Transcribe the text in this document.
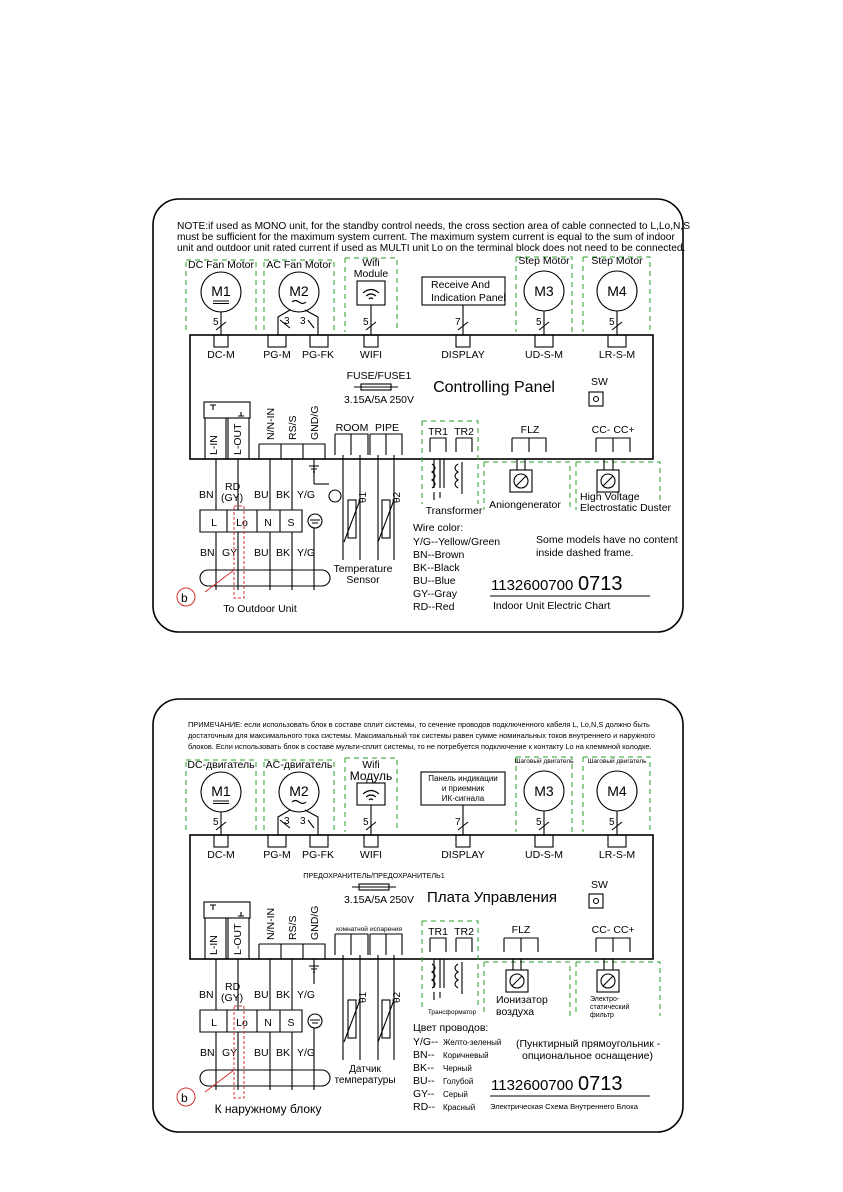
NOTE:if used as MONO unit, for the standby control needs, the cross section area of cable connected to L,Lo,N,S
must be sufficient for the maximum system current. The maximum system current is equal to the sum of indoor
unit and outdoor unit rated current if used as MULTI unit Lo on the terminal block does not need to be connected.
DC Fan Motor AC Fan Motor	Wifi
Module
Step Motor Step Motor
M1	M2	Receive And
Indication Panel M3	M4
5	3 3	5	7	5	5
DC-M	PG-M PG-FK WIFI	DISPLAY	UD-S-M	LR-S-M
FUSE/FUSE1
3.15A/5A 250V
Controlling Panel	SW
L-IN L-OUT N/N-IN RS/S GND/G ROOM PIPE	TR1 TR2	FLZ	CC- CC+
Transformer Aniongenerator
High Voltage
Electrostatic Duster
BN
RD
(GY) BU BK Y/G
L Lo N S
BN GY BU BK Y/G
b
To Outdoor Unit
θ1 θ2
Temperature
Sensor
Wire color:
Y/G--Yellow/Green
BN--Brown
BK--Black
BU--Blue
GY--Gray
RD--Red
Some models have no content
inside dashed frame.
1132600700 0713
Indoor Unit Electric Chart
ПРИМЕЧАНИЕ: если использовать блок в составе сплит системы, то сечение проводов подключенного кабеля L, Lo,N,S должно быть
достаточным для максимального тока системы. Максимальный ток системы равен сумме номинальных токов внутреннего и наружного
блоков. Если использовать блок в составе мульти-сплит системы, то не потребуется подключение к контакту Lo на клеммной колодке.
DC-двигатель AC-двигатель	Wifi
Модуль
Шаговый двигатель Шаговый двигатель
M1	M2
Панель индикации
и приемник
ИК-сигнала	M3	M4
5	3 3	5	7	5	5
DC-M	PG-M PG-FK WIFI	DISPLAY	UD-S-M	LR-S-M
ПРЕДОХРАНИТЕЛЬ/ПРЕДОХРАНИТЕЛЬ1
3.15A/5A 250V Плата Управления
SW
L-IN L-OUT N/N-IN RS/S GND/G комнатной испарения TR1 TR2	FLZ	CC- CC+
Трансформатор
Ионизатор
воздуха
Электро-
статический
фильтр
BN
RD
(GY) BU BK Y/G
L Lo N S
BN GY BU BK Y/G
b
К наружному блоку
θ1 θ2
Датчик
температуры
Цвет проводов:
Y/G-- Желто-зеленый
BN-- Коричневый
BK-- Черный
BU-- Голубой
GY-- Серый
RD-- Красный
(Пунктирный прямоугольник -
опциональное оснащение)
1132600700 0713
Электрическая Схема Внутреннего Блока
